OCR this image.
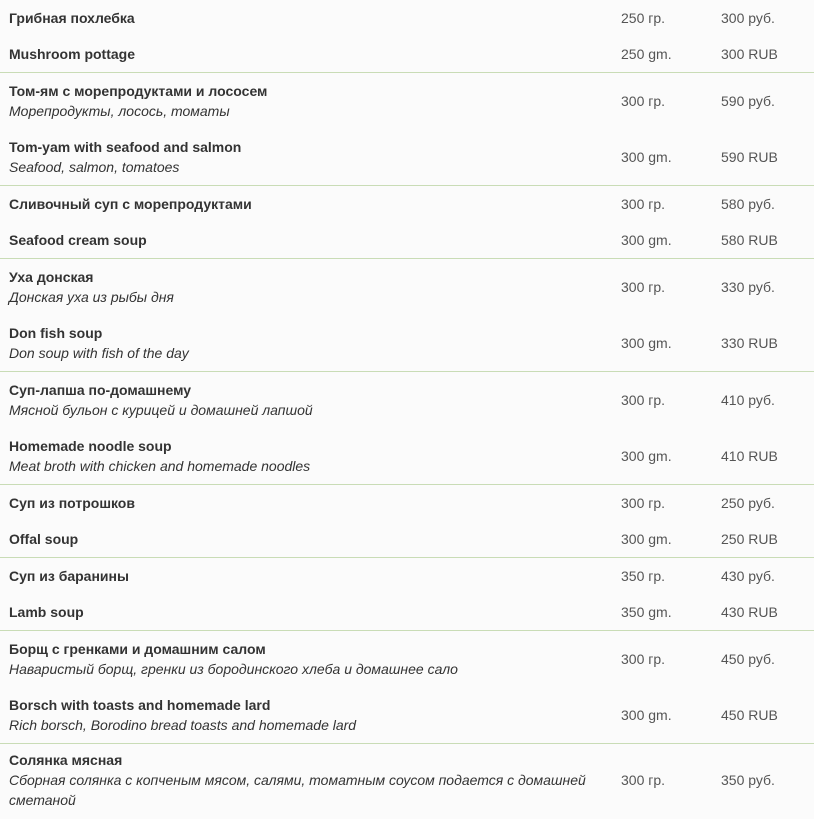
Грибная похлебка	250 гр.	300 руб.
Mushroom pottage	250 gm.	300 RUB
Том-ям с морепродуктами и лососем
Морепродукты, лосось, томаты
300 гр.	590 руб.
Tom-yam with seafood and salmon
Seafood, salmon, tomatoes
300 gm.	590 RUB
Сливочный суп с морепродуктами	300 гр.	580 руб.
Seafood cream soup	300 gm.	580 RUB
Уха донская
Донская уха из рыбы дня
300 гр.	330 руб.
Don fish soup
Don soup with fish of the day
300 gm.	330 RUB
Суп-лапша по-домашнему
Мясной бульон с курицей и домашней лапшой
300 гр.	410 руб.
Homemade noodle soup
Meat broth with chicken and homemade noodles
300 gm.	410 RUB
Суп из потрошков	300 гр.	250 руб.
Offal soup	300 gm.	250 RUB
Суп из баранины	350 гр.	430 руб.
Lamb soup	350 gm.	430 RUB
Борщ с гренками и домашним салом
Наваристый борщ, гренки из бородинского хлеба и домашнее сало
300 гр.	450 руб.
Borsch with toasts and homemade lard
Rich borsch, Borodino bread toasts and homemade lard
300 gm.	450 RUB
Солянка мясная
Сборная солянка с копченым мясом, салями, томатным соусом подается с домашней сметаной
300 гр.	350 руб.
